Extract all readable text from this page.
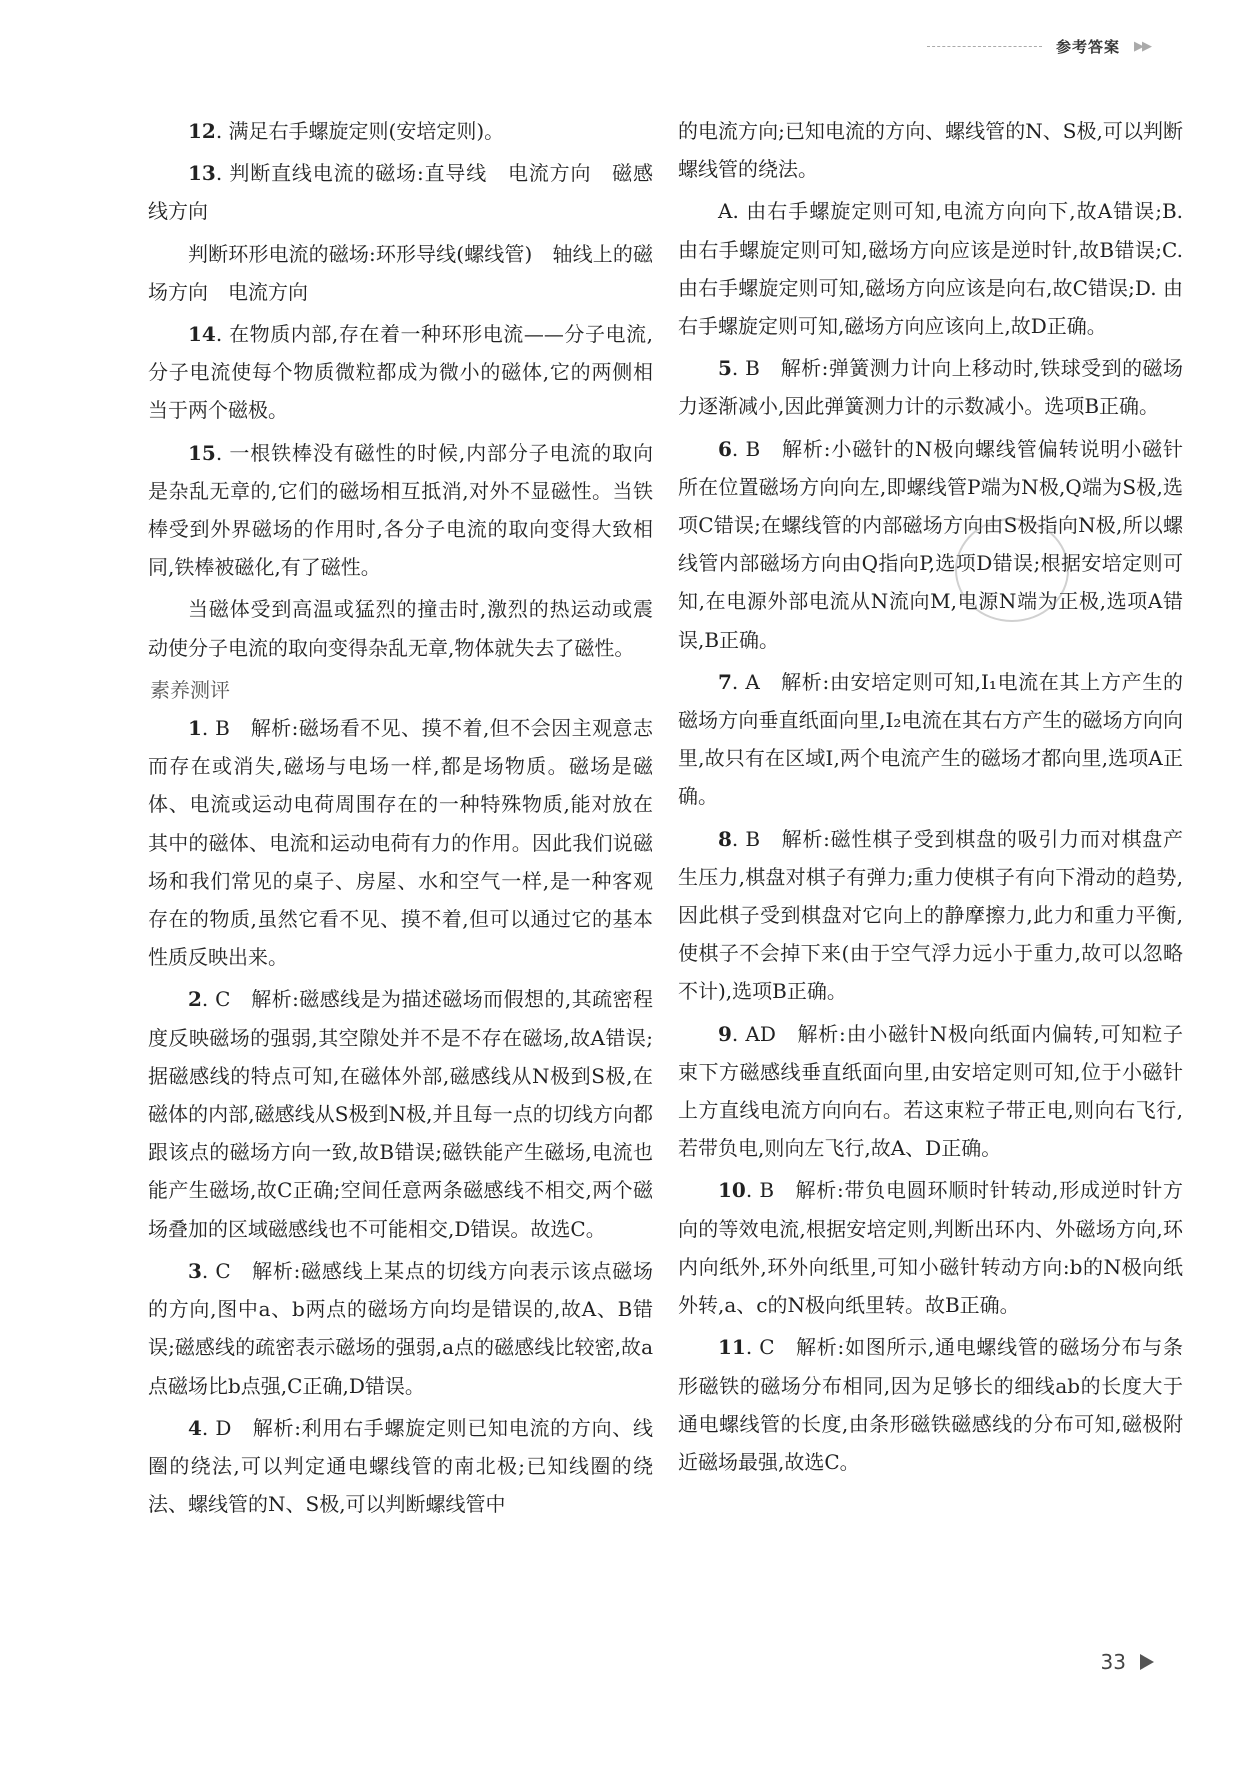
参考答案 ▶▶

12. 满足右手螺旋定则(安培定则)。

13. 判断直线电流的磁场:直导线　电流方向　磁感线方向

判断环形电流的磁场:环形导线(螺线管)　轴线上的磁场方向　电流方向

14. 在物质内部,存在着一种环形电流——分子电流,分子电流使每个物质微粒都成为微小的磁体,它的两侧相当于两个磁极。

15. 一根铁棒没有磁性的时候,内部分子电流的取向是杂乱无章的,它们的磁场相互抵消,对外不显磁性。当铁棒受到外界磁场的作用时,各分子电流的取向变得大致相同,铁棒被磁化,有了磁性。

当磁体受到高温或猛烈的撞击时,激烈的热运动或震动使分子电流的取向变得杂乱无章,物体就失去了磁性。

素养测评

1. B　解析:磁场看不见、摸不着,但不会因主观意志而存在或消失,磁场与电场一样,都是场物质。磁场是磁体、电流或运动电荷周围存在的一种特殊物质,能对放在其中的磁体、电流和运动电荷有力的作用。因此我们说磁场和我们常见的桌子、房屋、水和空气一样,是一种客观存在的物质,虽然它看不见、摸不着,但可以通过它的基本性质反映出来。

2. C　解析:磁感线是为描述磁场而假想的,其疏密程度反映磁场的强弱,其空隙处并不是不存在磁场,故A错误;据磁感线的特点可知,在磁体外部,磁感线从N极到S极,在磁体的内部,磁感线从S极到N极,并且每一点的切线方向都跟该点的磁场方向一致,故B错误;磁铁能产生磁场,电流也能产生磁场,故C正确;空间任意两条磁感线不相交,两个磁场叠加的区域磁感线也不可能相交,D错误。故选C。

3. C　解析:磁感线上某点的切线方向表示该点磁场的方向,图中a、b两点的磁场方向均是错误的,故A、B错误;磁感线的疏密表示磁场的强弱,a点的磁感线比较密,故a点磁场比b点强,C正确,D错误。

4. D　解析:利用右手螺旋定则已知电流的方向、线圈的绕法,可以判定通电螺线管的南北极;已知线圈的绕法、螺线管的N、S极,可以判断螺线管中

的电流方向;已知电流的方向、螺线管的N、S极,可以判断螺线管的绕法。

A. 由右手螺旋定则可知,电流方向向下,故A错误;B. 由右手螺旋定则可知,磁场方向应该是逆时针,故B错误;C. 由右手螺旋定则可知,磁场方向应该是向右,故C错误;D. 由右手螺旋定则可知,磁场方向应该向上,故D正确。

5. B　解析:弹簧测力计向上移动时,铁球受到的磁场力逐渐减小,因此弹簧测力计的示数减小。选项B正确。

6. B　解析:小磁针的N极向螺线管偏转说明小磁针所在位置磁场方向向左,即螺线管P端为N极,Q端为S极,选项C错误;在螺线管的内部磁场方向由S极指向N极,所以螺线管内部磁场方向由Q指向P,选项D错误;根据安培定则可知,在电源外部电流从N流向M,电源N端为正极,选项A错误,B正确。

7. A　解析:由安培定则可知,I₁电流在其上方产生的磁场方向垂直纸面向里,I₂电流在其右方产生的磁场方向向里,故只有在区域Ⅰ,两个电流产生的磁场才都向里,选项A正确。

8. B　解析:磁性棋子受到棋盘的吸引力而对棋盘产生压力,棋盘对棋子有弹力;重力使棋子有向下滑动的趋势,因此棋子受到棋盘对它向上的静摩擦力,此力和重力平衡,使棋子不会掉下来(由于空气浮力远小于重力,故可以忽略不计),选项B正确。

9. AD　解析:由小磁针N极向纸面内偏转,可知粒子束下方磁感线垂直纸面向里,由安培定则可知,位于小磁针上方直线电流方向向右。若这束粒子带正电,则向右飞行,若带负电,则向左飞行,故A、D正确。

10. B　解析:带负电圆环顺时针转动,形成逆时针方向的等效电流,根据安培定则,判断出环内、外磁场方向,环内向纸外,环外向纸里,可知小磁针转动方向:b的N极向纸外转,a、c的N极向纸里转。故B正确。

11. C　解析:如图所示,通电螺线管的磁场分布与条形磁铁的磁场分布相同,因为足够长的细线ab的长度大于通电螺线管的长度,由条形磁铁磁感线的分布可知,磁极附近磁场最强,故选C。

33
